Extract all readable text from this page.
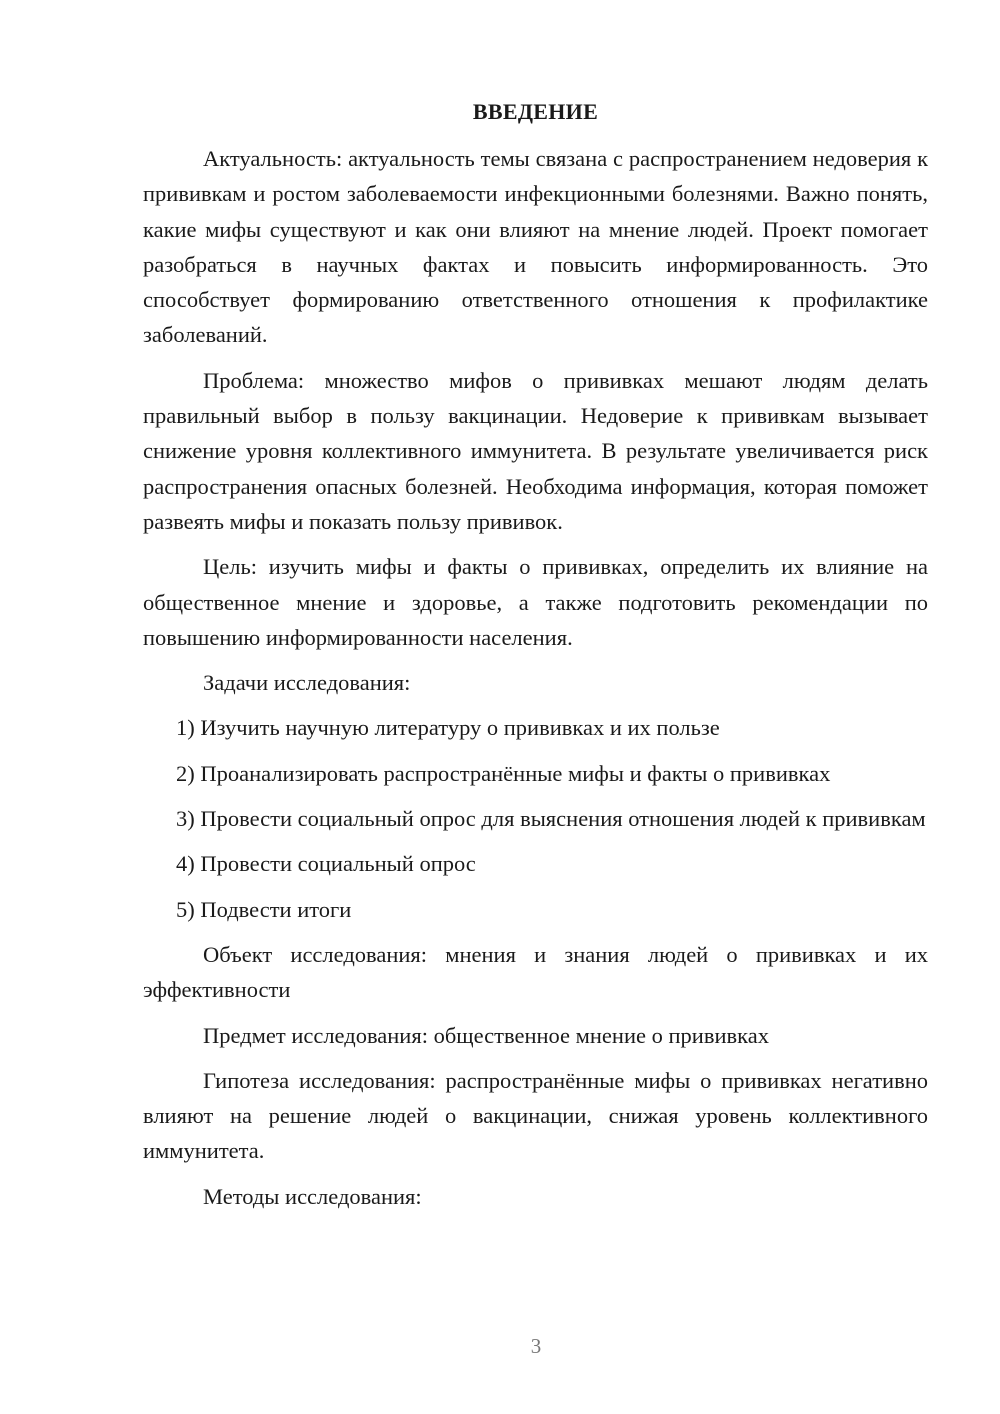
ВВЕДЕНИЕ

Актуальность: актуальность темы связана с распространением недоверия к прививкам и ростом заболеваемости инфекционными болезнями. Важно понять, какие мифы существуют и как они влияют на мнение людей. Проект помогает разобраться в научных фактах и повысить информированность. Это способствует формированию ответственного отношения к профилактике заболеваний.

Проблема: множество мифов о прививках мешают людям делать правильный выбор в пользу вакцинации. Недоверие к прививкам вызывает снижение уровня коллективного иммунитета. В результате увеличивается риск распространения опасных болезней. Необходима информация, которая поможет развеять мифы и показать пользу прививок.

Цель: изучить мифы и факты о прививках, определить их влияние на общественное мнение и здоровье, а также подготовить рекомендации по повышению информированности населения.

Задачи исследования:

1) Изучить научную литературу о прививках и их пользе

2) Проанализировать распространённые мифы и факты о прививках

3) Провести социальный опрос для выяснения отношения людей к прививкам

4) Провести социальный опрос

5) Подвести итоги

Объект исследования: мнения и знания людей о прививках и их эффективности

Предмет исследования: общественное мнение о прививках

Гипотеза исследования: распространённые мифы о прививках негативно влияют на решение людей о вакцинации, снижая уровень коллективного иммунитета.

Методы исследования:

3
